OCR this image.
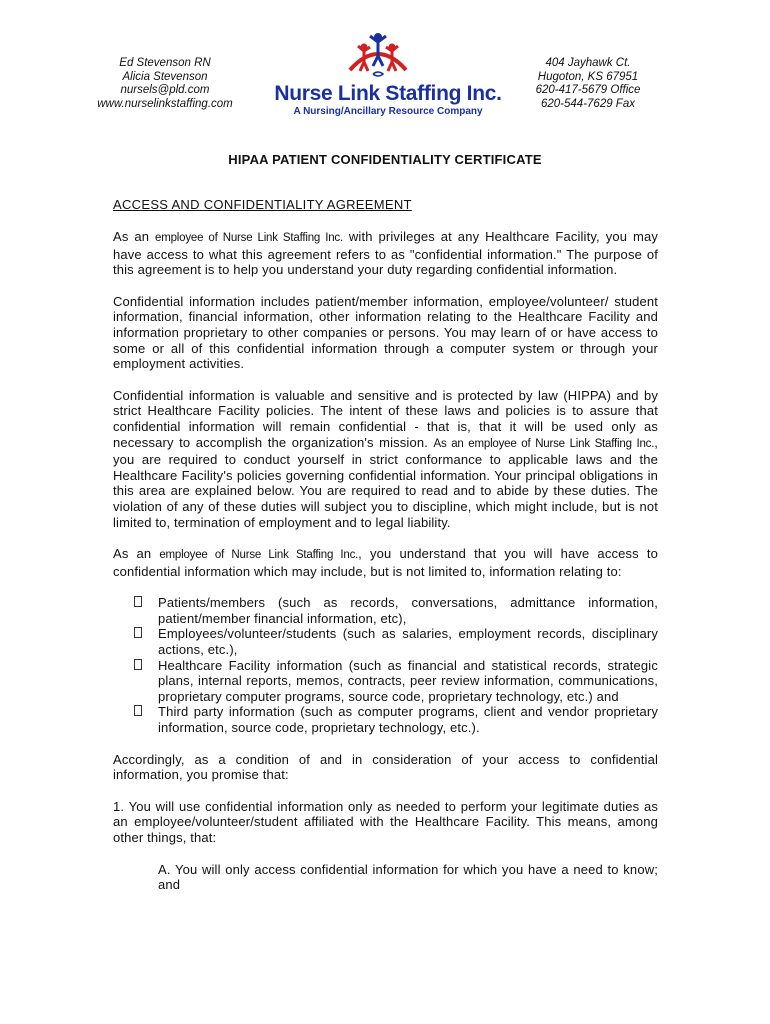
Ed Stevenson RN
Alicia Stevenson
nursels@pld.com
www.nurselinkstaffing.com	Nurse Link Staffing Inc.
A Nursing/Ancillary Resource Company
404 Jayhawk Ct.
Hugoton, KS 67951
620-417-5679 Office
620-544-7629 Fax
HIPAA PATIENT CONFIDENTIALITY CERTIFICATE
ACCESS AND CONFIDENTIALITY AGREEMENT

As an employee of Nurse Link Staffing Inc. with privileges at any Healthcare Facility, you may have access to what this agreement refers to as "confidential information." The purpose of this agreement is to help you understand your duty regarding confidential information.

Confidential information includes patient/member information, employee/volunteer/ student information, financial information, other information relating to the Healthcare Facility and information proprietary to other companies or persons. You may learn of or have access to some or all of this confidential information through a computer system or through your employment activities.

Confidential information is valuable and sensitive and is protected by law (HIPPA) and by strict Healthcare Facility policies. The intent of these laws and policies is to assure that confidential information will remain confidential - that is, that it will be used only as necessary to accomplish the organization's mission. As an employee of Nurse Link Staffing Inc., you are required to conduct yourself in strict conformance to applicable laws and the Healthcare Facility's policies governing confidential information. Your principal obligations in this area are explained below. You are required to read and to abide by these duties. The violation of any of these duties will subject you to discipline, which might include, but is not limited to, termination of employment and to legal liability.

As an employee of Nurse Link Staffing Inc., you understand that you will have access to confidential information which may include, but is not limited to, information relating to:

Patients/members (such as records, conversations, admittance information, patient/member financial information, etc),
Employees/volunteer/students (such as salaries, employment records, disciplinary actions, etc.),
Healthcare Facility information (such as financial and statistical records, strategic plans, internal reports, memos, contracts, peer review information, communications, proprietary computer programs, source code, proprietary technology, etc.) and
Third party information (such as computer programs, client and vendor proprietary information, source code, proprietary technology, etc.).

Accordingly, as a condition of and in consideration of your access to confidential information, you promise that:

1. You will use confidential information only as needed to perform your legitimate duties as an employee/volunteer/student affiliated with the Healthcare Facility. This means, among other things, that:

A. You will only access confidential information for which you have a need to know; and
